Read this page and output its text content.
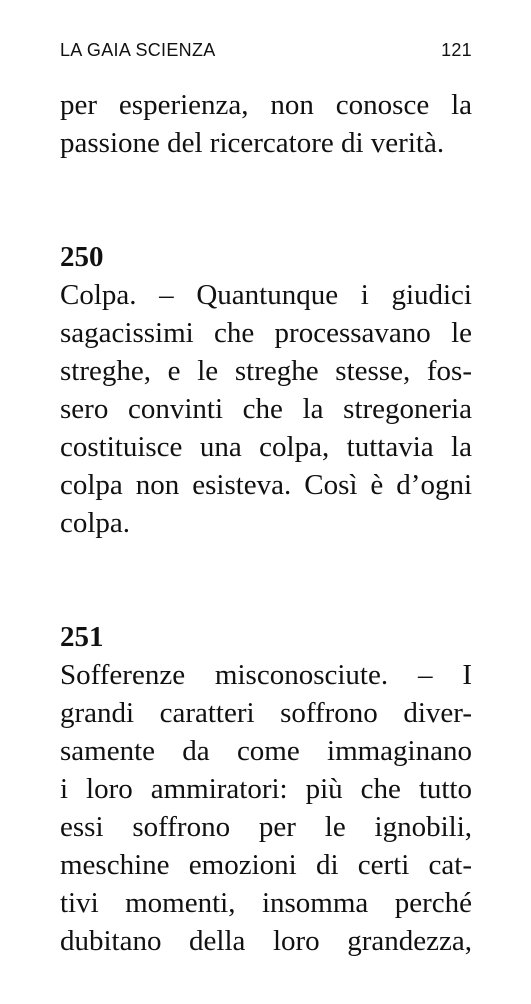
LA GAIA SCIENZA	121
per esperienza, non conosce la
passione del ricercatore di verità.
250
Colpa. – Quantunque i giudici
sagacissimi che processavano le
streghe, e le streghe stesse, fos-
sero convinti che la stregoneria
costituisce una colpa, tuttavia la
colpa non esisteva. Così è d’ogni
colpa.
251
Sofferenze misconosciute. – I
grandi caratteri soffrono diver-
samente da come immaginano
i loro ammiratori: più che tutto
essi soffrono per le ignobili,
meschine emozioni di certi cat-
tivi momenti, insomma perché
dubitano della loro grandezza,
